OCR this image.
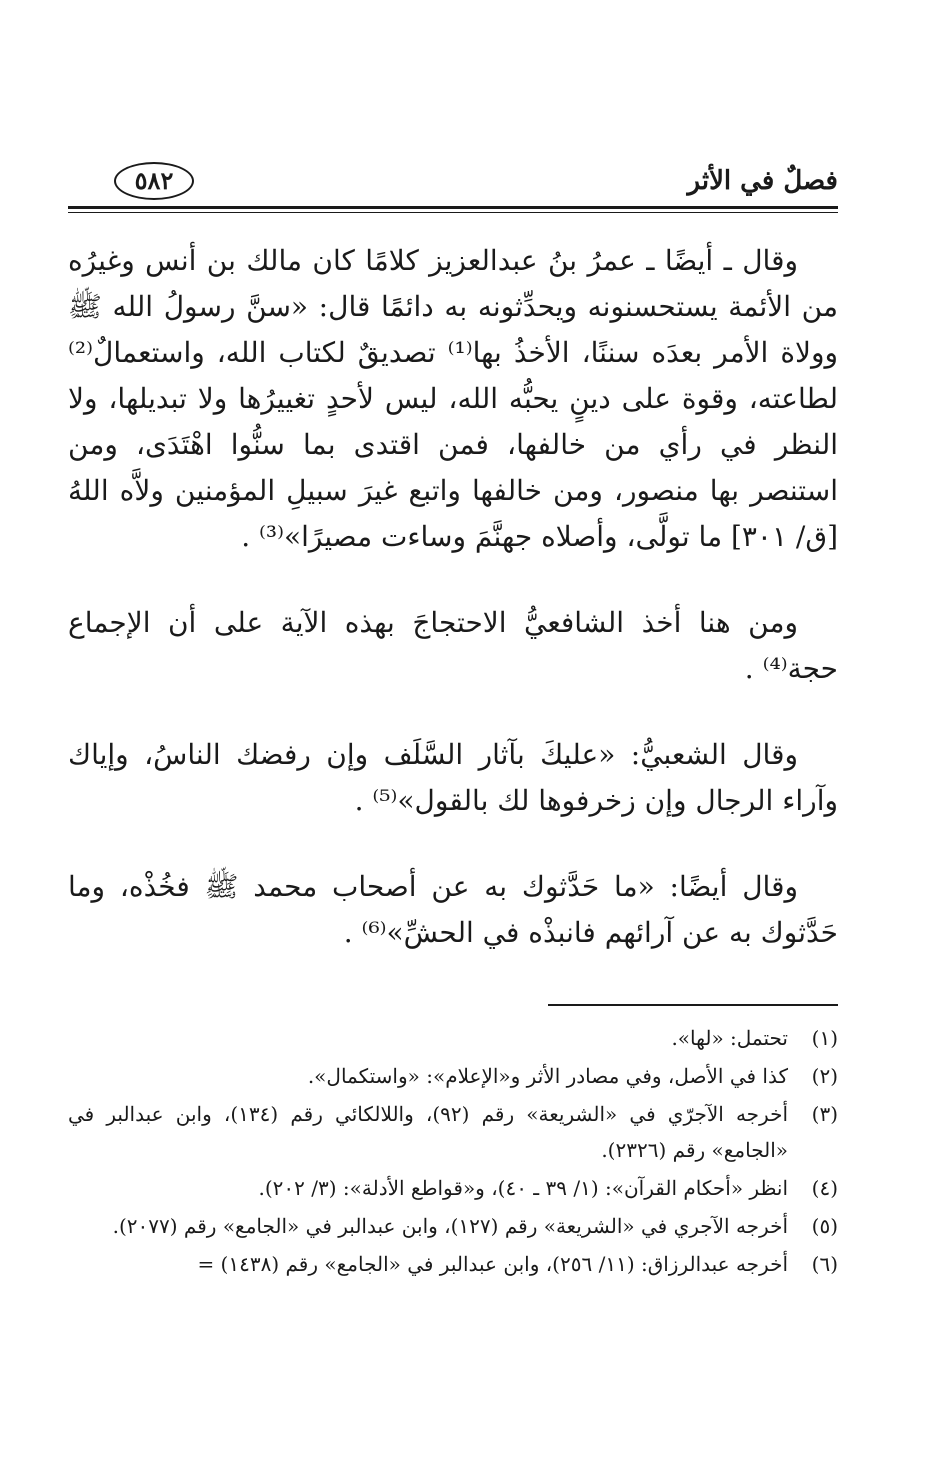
فصلٌ في الأثر
٥٨٢

وقال ـ أيضًا ـ عمرُ بنُ عبدالعزيز كلامًا كان مالك بن أنس وغيرُه من الأئمة يستحسنونه ويحدِّثونه به دائمًا قال: «سنَّ رسولُ الله ﷺ وولاة الأمر بعدَه سننًا، الأخذُ بها⁽¹⁾ تصديقٌ لكتاب الله، واستعمالٌ⁽²⁾ لطاعته، وقوة على دينٍ يحبُّه الله، ليس لأحدٍ تغييرُها ولا تبديلها، ولا النظر في رأي من خالفها، فمن اقتدى بما سنُّوا اهْتَدَى، ومن استنصر بها منصور، ومن خالفها واتبع غيرَ سبيلِ المؤمنين ولاَّه اللهُ [ق/ ٣٠١] ما تولَّى، وأصلاه جهنَّمَ وساءت مصيرًا»⁽³⁾ .

ومن هنا أخذ الشافعيُّ الاحتجاجَ بهذه الآية على أن الإجماع حجة⁽⁴⁾ .

وقال الشعبيُّ: «عليكَ بآثار السَّلَف وإن رفضك الناسُ، وإياك وآراء الرجال وإن زخرفوها لك بالقول»⁽⁵⁾ .

وقال أيضًا: «ما حَدَّثوك به عن أصحاب محمد ﷺ فخُذْه، وما حَدَّثوك به عن آرائهم فانبذْه في الحشِّ»⁽⁶⁾ .

(١)
تحتمل: «لها».
(٢)
كذا في الأصل، وفي مصادر الأثر و«الإعلام»: «واستكمال».
(٣)
أخرجه الآجرّي في «الشريعة» رقم (٩٢)، واللالكائي رقم (١٣٤)، وابن عبدالبر في «الجامع» رقم (٢٣٢٦).
(٤)
انظر «أحكام القرآن»: (١/ ٣٩ ـ ٤٠)، و«قواطع الأدلة»: (٣/ ٢٠٢).
(٥)
أخرجه الآجري في «الشريعة» رقم (١٢٧)، وابن عبدالبر في «الجامع» رقم (٢٠٧٧).
(٦)
أخرجه عبدالرزاق: (١١/ ٢٥٦)، وابن عبدالبر في «الجامع» رقم (١٤٣٨) =
